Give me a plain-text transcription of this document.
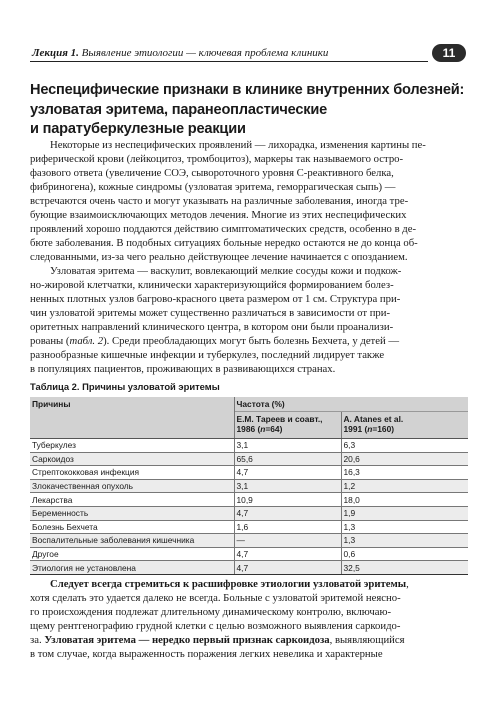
Лекция 1. Выявление этиологии — ключевая проблема клиники	11
Неспецифические признаки в клинике внутренних болезней:
узловатая эритема, паранеопластические
и паратуберкулезные реакции
Некоторые из неспецифических проявлений — лихорадка, изменения картины пе-
риферической крови (лейкоцитоз, тромбоцитоз), маркеры так называемого остро-
фазового ответа (увеличение СОЭ, сывороточного уровня С-реактивного белка,
фибриногена), кожные синдромы (узловатая эритема, геморрагическая сыпь) —
встречаются очень часто и могут указывать на различные заболевания, иногда тре-
бующие взаимоисключающих методов лечения. Многие из этих неспецифических
проявлений хорошо поддаются действию симптоматических средств, особенно в де-
бюте заболевания. В подобных ситуациях больные нередко остаются не до конца об-
следованными, из-за чего реально действующее лечение начинается с опозданием.
Узловатая эритема — васкулит, вовлекающий мелкие сосуды кожи и подкож-
но-жировой клетчатки, клинически характеризующийся формированием болез-
ненных плотных узлов багрово-красного цвета размером от 1 см. Структура при-
чин узловатой эритемы может существенно различаться в зависимости от при-
оритетных направлений клинического центра, в котором они были проанализи-
рованы (табл. 2). Среди преобладающих могут быть болезнь Бехчета, у детей —
разнообразные кишечные инфекции и туберкулез, последний лидирует также
в популяциях пациентов, проживающих в развивающихся странах.
Таблица 2. Причины узловатой эритемы
Причины	Частота (%)	
	Е.М. Тареев и соавт.,
1986 (n=64)	A. Atanes et al.
1991 (n=160)
Туберкулез	3,1	6,3
Саркоидоз	65,6	20,6
Стрептококковая инфекция	4,7	16,3
Злокачественная опухоль	3,1	1,2
Лекарства	10,9	18,0
Беременность	4,7	1,9
Болезнь Бехчета	1,6	1,3
Воспалительные заболевания кишечника	—	1,3
Другое	4,7	0,6
Этиология не установлена	4,7	32,5
Следует всегда стремиться к расшифровке этиологии узловатой эритемы,
хотя сделать это удается далеко не всегда. Больные с узловатой эритемой неясно-
го происхождения подлежат длительному динамическому контролю, включаю-
щему рентгенографию грудной клетки с целью возможного выявления саркоидо-
за. Узловатая эритема — нередко первый признак саркоидоза, выявляющийся
в том случае, когда выраженность поражения легких невелика и характерные
